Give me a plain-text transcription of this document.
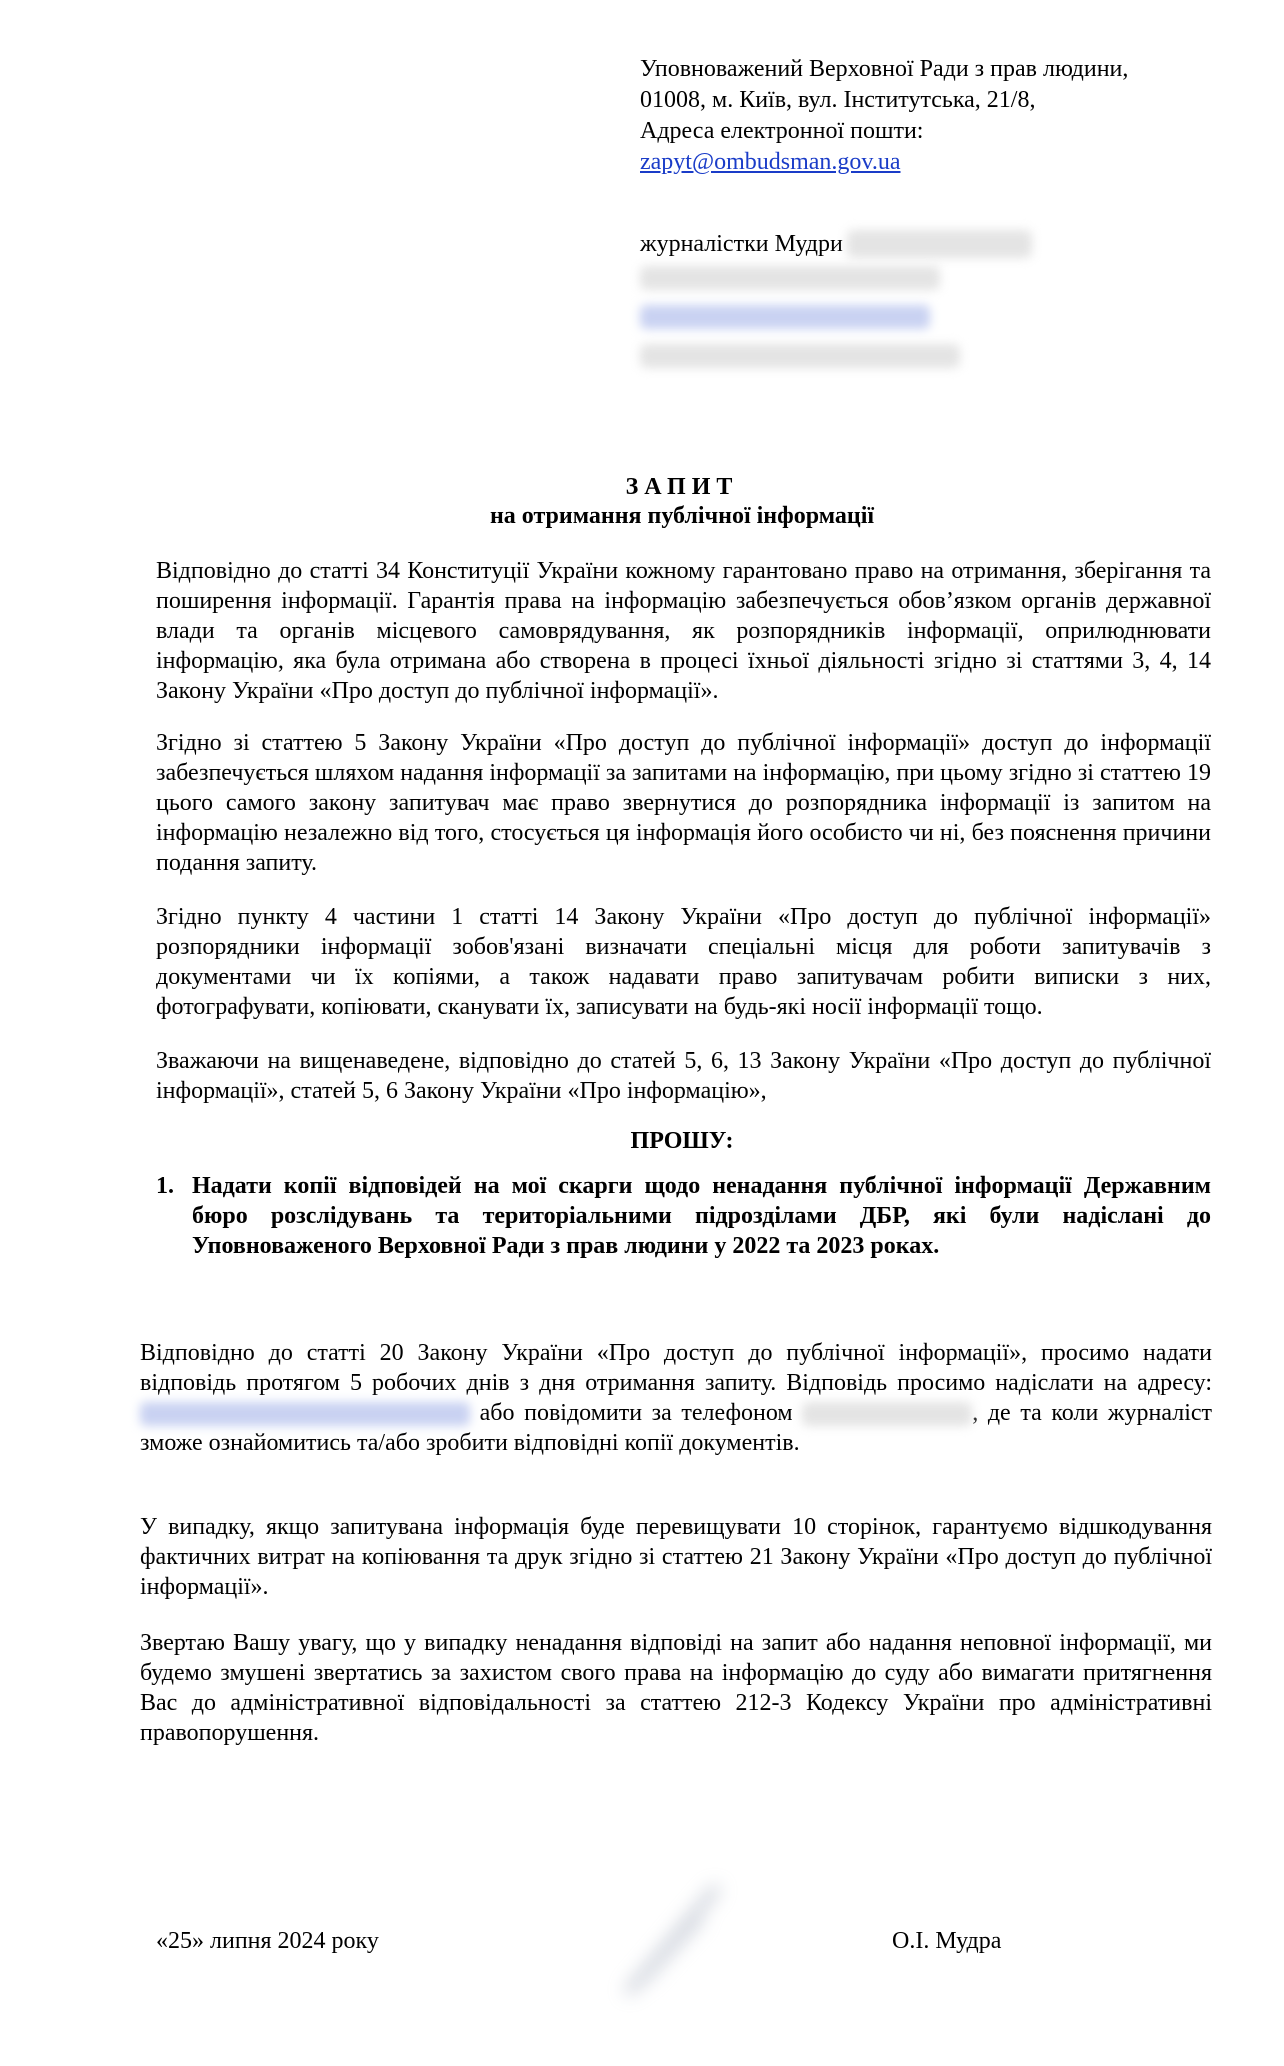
Уповноважений Верховної Ради з прав людини,
01008, м. Київ, вул. Інститутська, 21/8,
Адреса електронної пошти:
zapyt@ombudsman.gov.ua
журналістки Мудри
ЗАПИТ
на отримання публічної інформації
Відповідно до статті 34 Конституції України кожному гарантовано право на отримання, зберігання та поширення інформації. Гарантія права на інформацію забезпечується обов’язком органів державної влади та органів місцевого самоврядування, як розпорядників інформації, оприлюднювати інформацію, яка була отримана або створена в процесі їхньої діяльності згідно зі статтями 3, 4, 14 Закону України «Про доступ до публічної інформації».
Згідно зі статтею 5 Закону України «Про доступ до публічної інформації» доступ до інформації забезпечується шляхом надання інформації за запитами на інформацію, при цьому згідно зі статтею 19 цього самого закону запитувач має право звернутися до розпорядника інформації із запитом на інформацію незалежно від того, стосується ця інформація його особисто чи ні, без пояснення причини подання запиту.
Згідно пункту 4 частини 1 статті 14 Закону України «Про доступ до публічної інформації» розпорядники інформації зобов'язані визначати спеціальні місця для роботи запитувачів з документами чи їх копіями, а також надавати право запитувачам робити виписки з них, фотографувати, копіювати, сканувати їх, записувати на будь-які носії інформації тощо.
Зважаючи на вищенаведене, відповідно до статей 5, 6, 13 Закону України «Про доступ до публічної інформації», статей 5, 6 Закону України «Про інформацію»,
ПРОШУ:
1. Надати копії відповідей на мої скарги щодо ненадання публічної інформації Державним бюро розслідувань та територіальними підрозділами ДБР, які були надіслані до Уповноваженого Верховної Ради з прав людини у 2022 та 2023 роках.
Відповідно до статті 20 Закону України «Про доступ до публічної інформації», просимо надати відповідь протягом 5 робочих днів з дня отримання запиту. Відповідь просимо надіслати на адресу:  або повідомити за телефоном	, де та коли журналіст зможе ознайомитись та/або зробити відповідні копії документів.
У випадку, якщо запитувана інформація буде перевищувати 10 сторінок, гарантуємо відшкодування фактичних витрат на копіювання та друк згідно зі статтею 21 Закону України «Про доступ до публічної інформації».
Звертаю Вашу увагу, що у випадку ненадання відповіді на запит або надання неповної інформації, ми будемо змушені звертатись за захистом свого права на інформацію до суду або вимагати притягнення Вас до адміністративної відповідальності за статтею 212-3 Кодексу України про адміністративні правопорушення.
«25» липня 2024 року	О.І. Мудра
